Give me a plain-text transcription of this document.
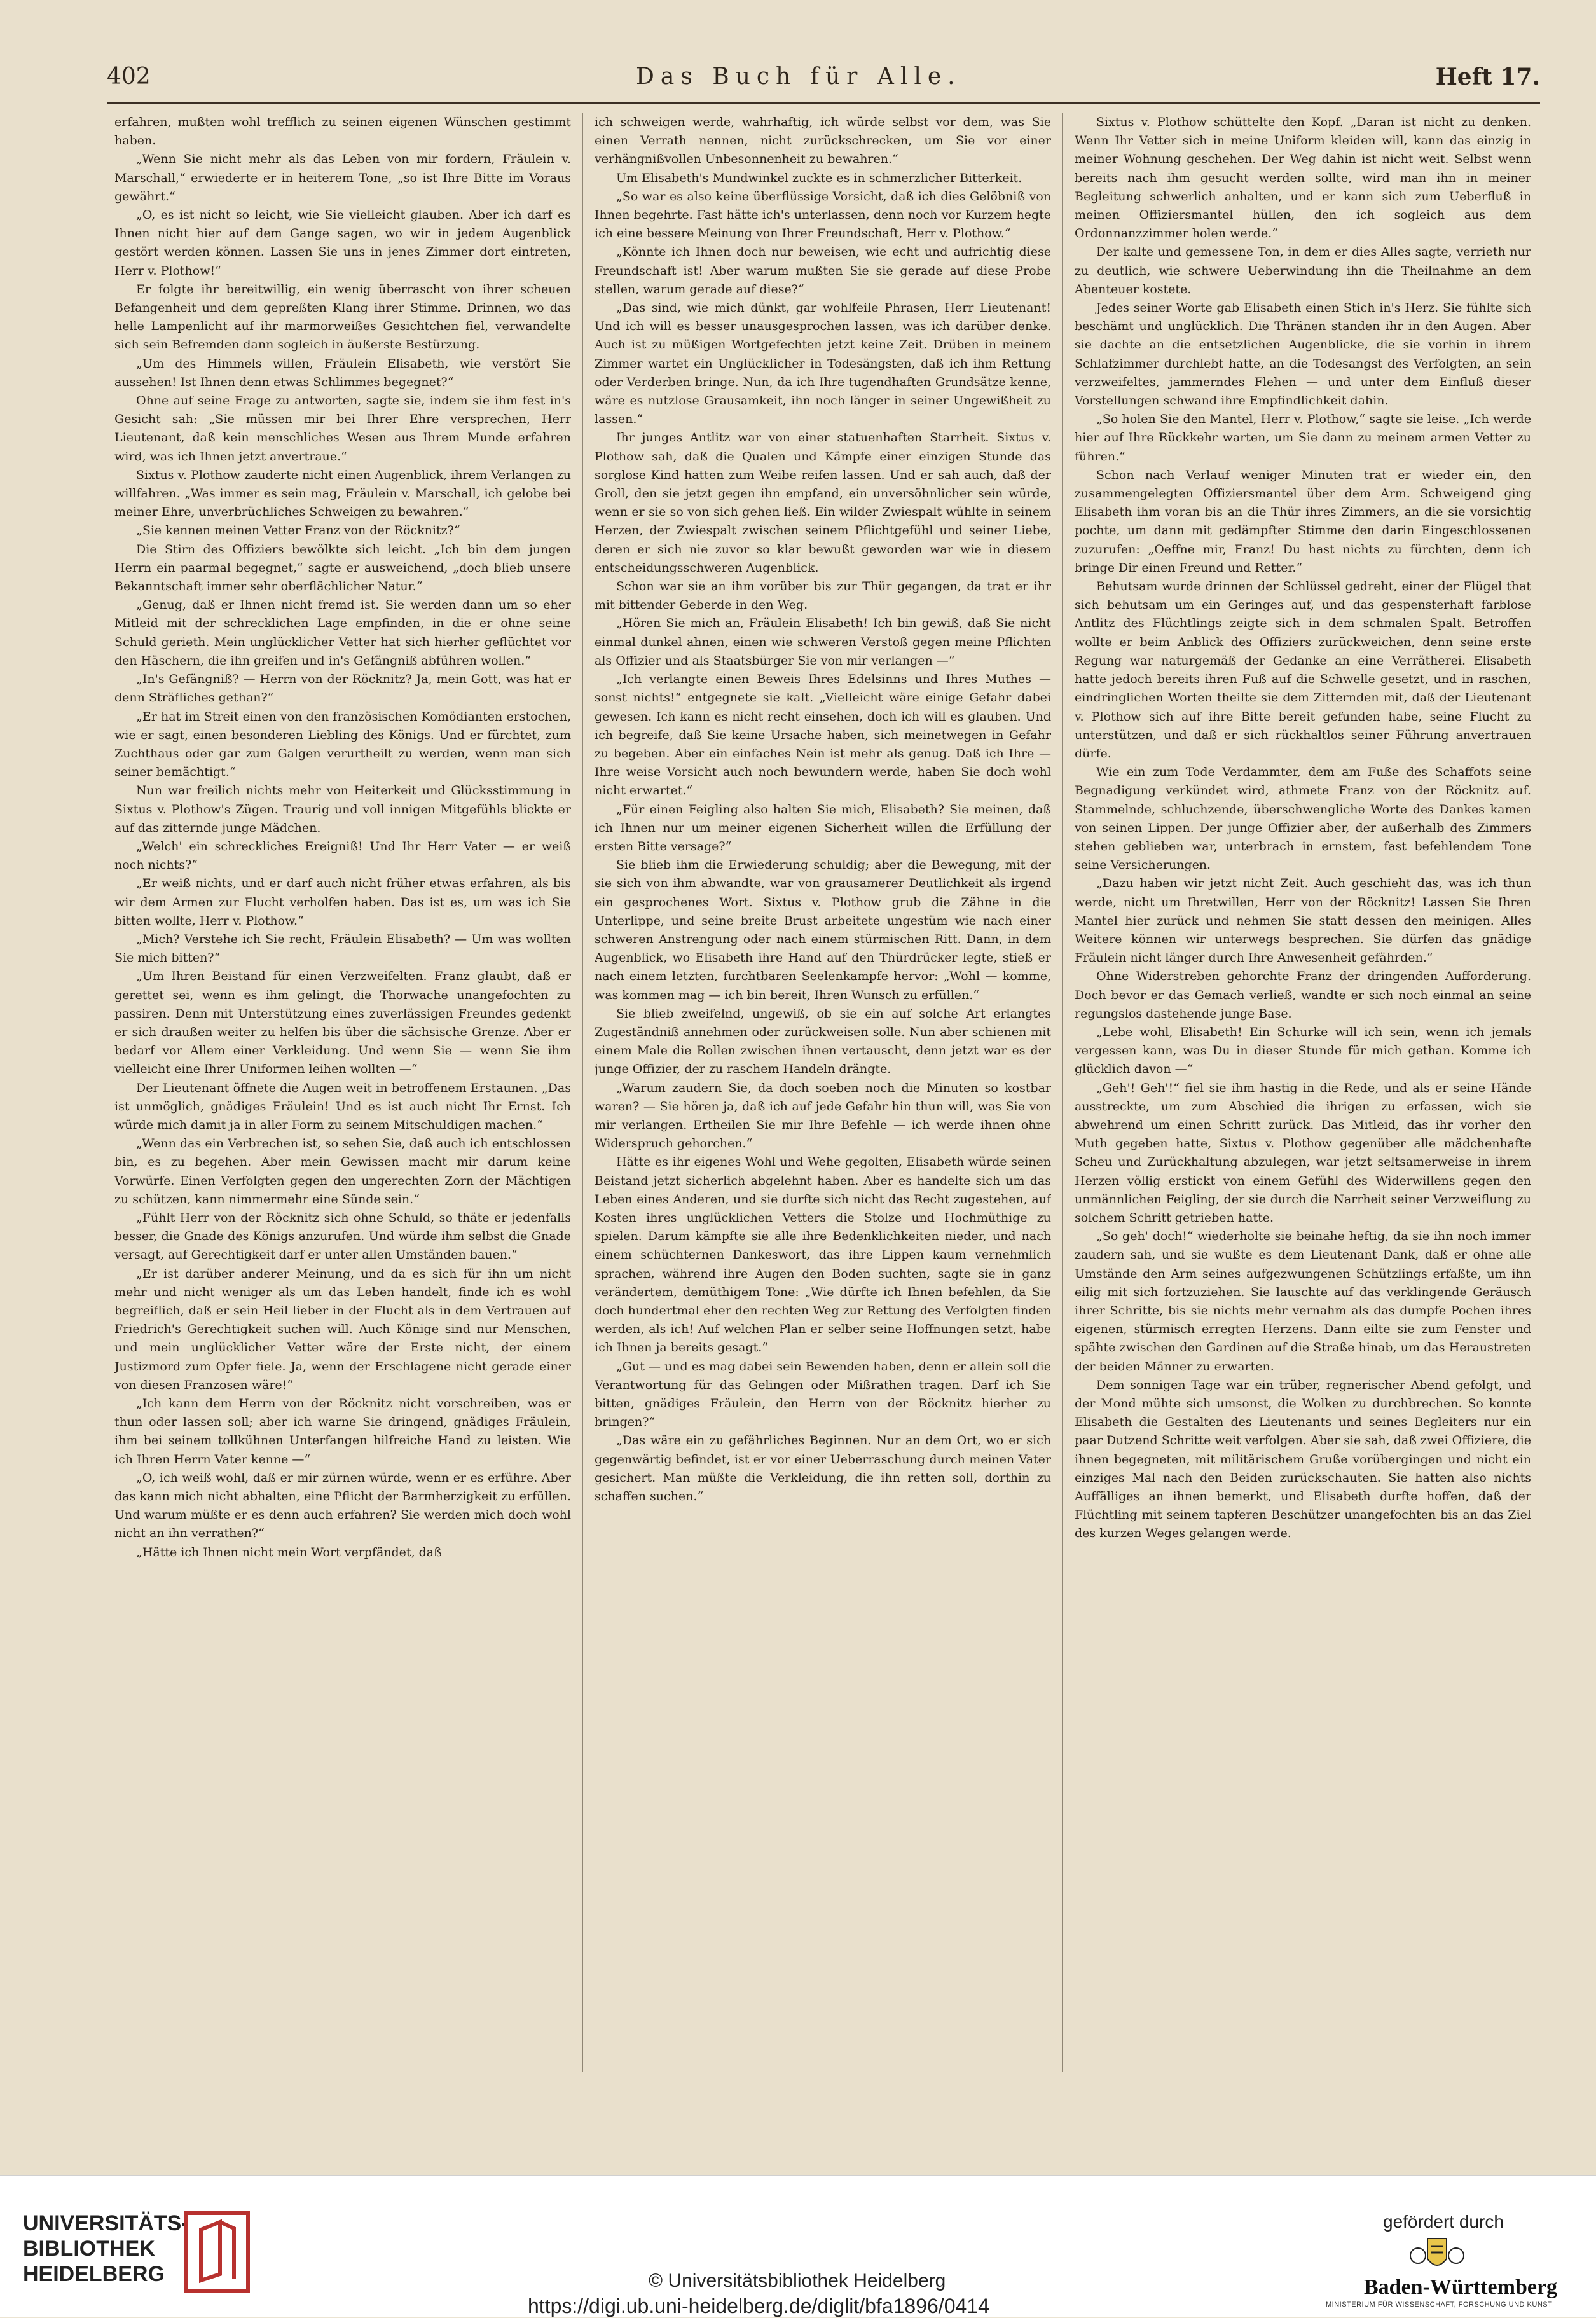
402	Das Buch für Alle.	Heft 17.

erfahren, mußten wohl trefflich zu seinen eigenen Wünschen gestimmt haben.

„Wenn Sie nicht mehr als das Leben von mir fordern, Fräulein v. Marschall,“ erwiederte er in heiterem Tone, „so ist Ihre Bitte im Voraus gewährt.“

„O, es ist nicht so leicht, wie Sie vielleicht glauben. Aber ich darf es Ihnen nicht hier auf dem Gange sagen, wo wir in jedem Augenblick gestört werden können. Lassen Sie uns in jenes Zimmer dort eintreten, Herr v. Plothow!“

Er folgte ihr bereitwillig, ein wenig überrascht von ihrer scheuen Befangenheit und dem gepreßten Klang ihrer Stimme. Drinnen, wo das helle Lampenlicht auf ihr marmorweißes Gesichtchen fiel, verwandelte sich sein Befremden dann sogleich in äußerste Bestürzung.

„Um des Himmels willen, Fräulein Elisabeth, wie verstört Sie aussehen! Ist Ihnen denn etwas Schlimmes begegnet?“

Ohne auf seine Frage zu antworten, sagte sie, indem sie ihm fest in's Gesicht sah: „Sie müssen mir bei Ihrer Ehre versprechen, Herr Lieutenant, daß kein menschliches Wesen aus Ihrem Munde erfahren wird, was ich Ihnen jetzt anvertraue.“

Sixtus v. Plothow zauderte nicht einen Augenblick, ihrem Verlangen zu willfahren. „Was immer es sein mag, Fräulein v. Marschall, ich gelobe bei meiner Ehre, unverbrüchliches Schweigen zu bewahren.“

„Sie kennen meinen Vetter Franz von der Röcknitz?“

Die Stirn des Offiziers bewölkte sich leicht. „Ich bin dem jungen Herrn ein paarmal begegnet,“ sagte er ausweichend, „doch blieb unsere Bekanntschaft immer sehr oberflächlicher Natur.“

„Genug, daß er Ihnen nicht fremd ist. Sie werden dann um so eher Mitleid mit der schrecklichen Lage empfinden, in die er ohne seine Schuld gerieth. Mein unglücklicher Vetter hat sich hierher geflüchtet vor den Häschern, die ihn greifen und in's Gefängniß abführen wollen.“

„In's Gefängniß? — Herrn von der Röcknitz? Ja, mein Gott, was hat er denn Sträfliches gethan?“

„Er hat im Streit einen von den französischen Komödianten erstochen, wie er sagt, einen besonderen Liebling des Königs. Und er fürchtet, zum Zuchthaus oder gar zum Galgen verurtheilt zu werden, wenn man sich seiner bemächtigt.“

Nun war freilich nichts mehr von Heiterkeit und Glücksstimmung in Sixtus v. Plothow's Zügen. Traurig und voll innigen Mitgefühls blickte er auf das zitternde junge Mädchen.

„Welch' ein schreckliches Ereigniß! Und Ihr Herr Vater — er weiß noch nichts?“

„Er weiß nichts, und er darf auch nicht früher etwas erfahren, als bis wir dem Armen zur Flucht verholfen haben. Das ist es, um was ich Sie bitten wollte, Herr v. Plothow.“

„Mich? Verstehe ich Sie recht, Fräulein Elisabeth? — Um was wollten Sie mich bitten?“

„Um Ihren Beistand für einen Verzweifelten. Franz glaubt, daß er gerettet sei, wenn es ihm gelingt, die Thorwache unangefochten zu passiren. Denn mit Unterstützung eines zuverlässigen Freundes gedenkt er sich draußen weiter zu helfen bis über die sächsische Grenze. Aber er bedarf vor Allem einer Verkleidung. Und wenn Sie — wenn Sie ihm vielleicht eine Ihrer Uniformen leihen wollten —“

Der Lieutenant öffnete die Augen weit in betroffenem Erstaunen. „Das ist unmöglich, gnädiges Fräulein! Und es ist auch nicht Ihr Ernst. Ich würde mich damit ja in aller Form zu seinem Mitschuldigen machen.“

„Wenn das ein Verbrechen ist, so sehen Sie, daß auch ich entschlossen bin, es zu begehen. Aber mein Gewissen macht mir darum keine Vorwürfe. Einen Verfolgten gegen den ungerechten Zorn der Mächtigen zu schützen, kann nimmermehr eine Sünde sein.“

„Fühlt Herr von der Röcknitz sich ohne Schuld, so thäte er jedenfalls besser, die Gnade des Königs anzurufen. Und würde ihm selbst die Gnade versagt, auf Gerechtigkeit darf er unter allen Umständen bauen.“

„Er ist darüber anderer Meinung, und da es sich für ihn um nicht mehr und nicht weniger als um das Leben handelt, finde ich es wohl begreiflich, daß er sein Heil lieber in der Flucht als in dem Vertrauen auf Friedrich's Gerechtigkeit suchen will. Auch Könige sind nur Menschen, und mein unglücklicher Vetter wäre der Erste nicht, der einem Justizmord zum Opfer fiele. Ja, wenn der Erschlagene nicht gerade einer von diesen Franzosen wäre!“

„Ich kann dem Herrn von der Röcknitz nicht vorschreiben, was er thun oder lassen soll; aber ich warne Sie dringend, gnädiges Fräulein, ihm bei seinem tollkühnen Unterfangen hilfreiche Hand zu leisten. Wie ich Ihren Herrn Vater kenne —“

„O, ich weiß wohl, daß er mir zürnen würde, wenn er es erführe. Aber das kann mich nicht abhalten, eine Pflicht der Barmherzigkeit zu erfüllen. Und warum müßte er es denn auch erfahren? Sie werden mich doch wohl nicht an ihn verrathen?“

„Hätte ich Ihnen nicht mein Wort verpfändet, daß

ich schweigen werde, wahrhaftig, ich würde selbst vor dem, was Sie einen Verrath nennen, nicht zurückschrecken, um Sie vor einer verhängnißvollen Unbesonnenheit zu bewahren.“

Um Elisabeth's Mundwinkel zuckte es in schmerzlicher Bitterkeit.

„So war es also keine überflüssige Vorsicht, daß ich dies Gelöbniß von Ihnen begehrte. Fast hätte ich's unterlassen, denn noch vor Kurzem hegte ich eine bessere Meinung von Ihrer Freundschaft, Herr v. Plothow.“

„Könnte ich Ihnen doch nur beweisen, wie echt und aufrichtig diese Freundschaft ist! Aber warum mußten Sie sie gerade auf diese Probe stellen, warum gerade auf diese?“

„Das sind, wie mich dünkt, gar wohlfeile Phrasen, Herr Lieutenant! Und ich will es besser unausgesprochen lassen, was ich darüber denke. Auch ist zu müßigen Wortgefechten jetzt keine Zeit. Drüben in meinem Zimmer wartet ein Unglücklicher in Todesängsten, daß ich ihm Rettung oder Verderben bringe. Nun, da ich Ihre tugendhaften Grundsätze kenne, wäre es nutzlose Grausamkeit, ihn noch länger in seiner Ungewißheit zu lassen.“

Ihr junges Antlitz war von einer statuenhaften Starrheit. Sixtus v. Plothow sah, daß die Qualen und Kämpfe einer einzigen Stunde das sorglose Kind hatten zum Weibe reifen lassen. Und er sah auch, daß der Groll, den sie jetzt gegen ihn empfand, ein unversöhnlicher sein würde, wenn er sie so von sich gehen ließ. Ein wilder Zwiespalt wühlte in seinem Herzen, der Zwiespalt zwischen seinem Pflichtgefühl und seiner Liebe, deren er sich nie zuvor so klar bewußt geworden war wie in diesem entscheidungsschweren Augenblick.

Schon war sie an ihm vorüber bis zur Thür gegangen, da trat er ihr mit bittender Geberde in den Weg.

„Hören Sie mich an, Fräulein Elisabeth! Ich bin gewiß, daß Sie nicht einmal dunkel ahnen, einen wie schweren Verstoß gegen meine Pflichten als Offizier und als Staatsbürger Sie von mir verlangen —“

„Ich verlangte einen Beweis Ihres Edelsinns und Ihres Muthes — sonst nichts!“ entgegnete sie kalt. „Vielleicht wäre einige Gefahr dabei gewesen. Ich kann es nicht recht einsehen, doch ich will es glauben. Und ich begreife, daß Sie keine Ursache haben, sich meinetwegen in Gefahr zu begeben. Aber ein einfaches Nein ist mehr als genug. Daß ich Ihre — Ihre weise Vorsicht auch noch bewundern werde, haben Sie doch wohl nicht erwartet.“

„Für einen Feigling also halten Sie mich, Elisabeth? Sie meinen, daß ich Ihnen nur um meiner eigenen Sicherheit willen die Erfüllung der ersten Bitte versage?“

Sie blieb ihm die Erwiederung schuldig; aber die Bewegung, mit der sie sich von ihm abwandte, war von grausamerer Deutlichkeit als irgend ein gesprochenes Wort. Sixtus v. Plothow grub die Zähne in die Unterlippe, und seine breite Brust arbeitete ungestüm wie nach einer schweren Anstrengung oder nach einem stürmischen Ritt. Dann, in dem Augenblick, wo Elisabeth ihre Hand auf den Thürdrücker legte, stieß er nach einem letzten, furchtbaren Seelenkampfe hervor: „Wohl — komme, was kommen mag — ich bin bereit, Ihren Wunsch zu erfüllen.“

Sie blieb zweifelnd, ungewiß, ob sie ein auf solche Art erlangtes Zugeständniß annehmen oder zurückweisen solle. Nun aber schienen mit einem Male die Rollen zwischen ihnen vertauscht, denn jetzt war es der junge Offizier, der zu raschem Handeln drängte.

„Warum zaudern Sie, da doch soeben noch die Minuten so kostbar waren? — Sie hören ja, daß ich auf jede Gefahr hin thun will, was Sie von mir verlangen. Ertheilen Sie mir Ihre Befehle — ich werde ihnen ohne Widerspruch gehorchen.“

Hätte es ihr eigenes Wohl und Wehe gegolten, Elisabeth würde seinen Beistand jetzt sicherlich abgelehnt haben. Aber es handelte sich um das Leben eines Anderen, und sie durfte sich nicht das Recht zugestehen, auf Kosten ihres unglücklichen Vetters die Stolze und Hochmüthige zu spielen. Darum kämpfte sie alle ihre Bedenklichkeiten nieder, und nach einem schüchternen Dankeswort, das ihre Lippen kaum vernehmlich sprachen, während ihre Augen den Boden suchten, sagte sie in ganz verändertem, demüthigem Tone: „Wie dürfte ich Ihnen befehlen, da Sie doch hundertmal eher den rechten Weg zur Rettung des Verfolgten finden werden, als ich! Auf welchen Plan er selber seine Hoffnungen setzt, habe ich Ihnen ja bereits gesagt.“

„Gut — und es mag dabei sein Bewenden haben, denn er allein soll die Verantwortung für das Gelingen oder Mißrathen tragen. Darf ich Sie bitten, gnädiges Fräulein, den Herrn von der Röcknitz hierher zu bringen?“

„Das wäre ein zu gefährliches Beginnen. Nur an dem Ort, wo er sich gegenwärtig befindet, ist er vor einer Ueberraschung durch meinen Vater gesichert. Man müßte die Verkleidung, die ihn retten soll, dorthin zu schaffen suchen.“

Sixtus v. Plothow schüttelte den Kopf. „Daran ist nicht zu denken. Wenn Ihr Vetter sich in meine Uniform kleiden will, kann das einzig in meiner Wohnung geschehen. Der Weg dahin ist nicht weit. Selbst wenn bereits nach ihm gesucht werden sollte, wird man ihn in meiner Begleitung schwerlich anhalten, und er kann sich zum Ueberfluß in meinen Offiziersmantel hüllen, den ich sogleich aus dem Ordonnanzzimmer holen werde.“

Der kalte und gemessene Ton, in dem er dies Alles sagte, verrieth nur zu deutlich, wie schwere Ueberwindung ihn die Theilnahme an dem Abenteuer kostete.

Jedes seiner Worte gab Elisabeth einen Stich in's Herz. Sie fühlte sich beschämt und unglücklich. Die Thränen standen ihr in den Augen. Aber sie dachte an die entsetzlichen Augenblicke, die sie vorhin in ihrem Schlafzimmer durchlebt hatte, an die Todesangst des Verfolgten, an sein verzweifeltes, jammerndes Flehen — und unter dem Einfluß dieser Vorstellungen schwand ihre Empfindlichkeit dahin.

„So holen Sie den Mantel, Herr v. Plothow,“ sagte sie leise. „Ich werde hier auf Ihre Rückkehr warten, um Sie dann zu meinem armen Vetter zu führen.“

Schon nach Verlauf weniger Minuten trat er wieder ein, den zusammengelegten Offiziersmantel über dem Arm. Schweigend ging Elisabeth ihm voran bis an die Thür ihres Zimmers, an die sie vorsichtig pochte, um dann mit gedämpfter Stimme den darin Eingeschlossenen zuzurufen: „Oeffne mir, Franz! Du hast nichts zu fürchten, denn ich bringe Dir einen Freund und Retter.“

Behutsam wurde drinnen der Schlüssel gedreht, einer der Flügel that sich behutsam um ein Geringes auf, und das gespensterhaft farblose Antlitz des Flüchtlings zeigte sich in dem schmalen Spalt. Betroffen wollte er beim Anblick des Offiziers zurückweichen, denn seine erste Regung war naturgemäß der Gedanke an eine Verrätherei. Elisabeth hatte jedoch bereits ihren Fuß auf die Schwelle gesetzt, und in raschen, eindringlichen Worten theilte sie dem Zitternden mit, daß der Lieutenant v. Plothow sich auf ihre Bitte bereit gefunden habe, seine Flucht zu unterstützen, und daß er sich rückhaltlos seiner Führung anvertrauen dürfe.

Wie ein zum Tode Verdammter, dem am Fuße des Schaffots seine Begnadigung verkündet wird, athmete Franz von der Röcknitz auf. Stammelnde, schluchzende, überschwengliche Worte des Dankes kamen von seinen Lippen. Der junge Offizier aber, der außerhalb des Zimmers stehen geblieben war, unterbrach in ernstem, fast befehlendem Tone seine Versicherungen.

„Dazu haben wir jetzt nicht Zeit. Auch geschieht das, was ich thun werde, nicht um Ihretwillen, Herr von der Röcknitz! Lassen Sie Ihren Mantel hier zurück und nehmen Sie statt dessen den meinigen. Alles Weitere können wir unterwegs besprechen. Sie dürfen das gnädige Fräulein nicht länger durch Ihre Anwesenheit gefährden.“

Ohne Widerstreben gehorchte Franz der dringenden Aufforderung. Doch bevor er das Gemach verließ, wandte er sich noch einmal an seine regungslos dastehende junge Base.

„Lebe wohl, Elisabeth! Ein Schurke will ich sein, wenn ich jemals vergessen kann, was Du in dieser Stunde für mich gethan. Komme ich glücklich davon —“

„Geh'! Geh'!“ fiel sie ihm hastig in die Rede, und als er seine Hände ausstreckte, um zum Abschied die ihrigen zu erfassen, wich sie abwehrend um einen Schritt zurück. Das Mitleid, das ihr vorher den Muth gegeben hatte, Sixtus v. Plothow gegenüber alle mädchenhafte Scheu und Zurückhaltung abzulegen, war jetzt seltsamerweise in ihrem Herzen völlig erstickt von einem Gefühl des Widerwillens gegen den unmännlichen Feigling, der sie durch die Narrheit seiner Verzweiflung zu solchem Schritt getrieben hatte.

„So geh' doch!“ wiederholte sie beinahe heftig, da sie ihn noch immer zaudern sah, und sie wußte es dem Lieutenant Dank, daß er ohne alle Umstände den Arm seines aufgezwungenen Schützlings erfaßte, um ihn eilig mit sich fortzuziehen. Sie lauschte auf das verklingende Geräusch ihrer Schritte, bis sie nichts mehr vernahm als das dumpfe Pochen ihres eigenen, stürmisch erregten Herzens. Dann eilte sie zum Fenster und spähte zwischen den Gardinen auf die Straße hinab, um das Heraustreten der beiden Männer zu erwarten.

Dem sonnigen Tage war ein trüber, regnerischer Abend gefolgt, und der Mond mühte sich umsonst, die Wolken zu durchbrechen. So konnte Elisabeth die Gestalten des Lieutenants und seines Begleiters nur ein paar Dutzend Schritte weit verfolgen. Aber sie sah, daß zwei Offiziere, die ihnen begegneten, mit militärischem Gruße vorübergingen und nicht ein einziges Mal nach den Beiden zurückschauten. Sie hatten also nichts Auffälliges an ihnen bemerkt, und Elisabeth durfte hoffen, daß der Flüchtling mit seinem tapferen Beschützer unangefochten bis an das Ziel des kurzen Weges gelangen werde.

UNIVERSITÄTS-
BIBLIOTHEK
HEIDELBERG	© Universitätsbibliothek Heidelberg
https://digi.ub.uni-heidelberg.de/diglit/bfa1896/0414
gefördert durch
Baden-Württemberg
MINISTERIUM FÜR WISSENSCHAFT, FORSCHUNG UND KUNST
